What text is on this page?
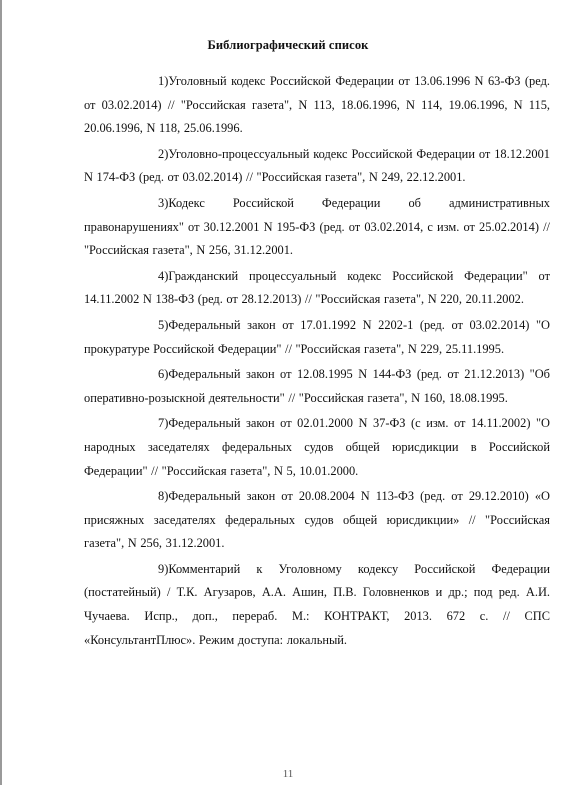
Библиографический список

1)Уголовный кодекс Российской Федерации от 13.06.1996 N 63-ФЗ (ред. от 03.02.2014) // "Российская газета", N 113, 18.06.1996, N 114, 19.06.1996, N 115, 20.06.1996, N 118, 25.06.1996.

2)Уголовно-процессуальный кодекс Российской Федерации от 18.12.2001 N 174-ФЗ (ред. от 03.02.2014) // "Российская газета", N 249, 22.12.2001.

3)Кодекс Российской Федерации об административных правонарушениях" от 30.12.2001 N 195-ФЗ (ред. от 03.02.2014, с изм. от 25.02.2014) // "Российская газета", N 256, 31.12.2001.

4)Гражданский процессуальный кодекс Российской Федерации" от 14.11.2002 N 138-ФЗ (ред. от 28.12.2013) // "Российская газета", N 220, 20.11.2002.

5)Федеральный закон от 17.01.1992 N 2202-1 (ред. от 03.02.2014) "О прокуратуре Российской Федерации" // "Российская газета", N 229, 25.11.1995.

6)Федеральный закон от 12.08.1995 N 144-ФЗ (ред. от 21.12.2013) "Об оперативно-розыскной деятельности" // "Российская газета", N 160, 18.08.1995.

7)Федеральный закон от 02.01.2000 N 37-ФЗ (с изм. от 14.11.2002) "О народных заседателях федеральных судов общей юрисдикции в Российской Федерации" // "Российская газета", N 5, 10.01.2000.

8)Федеральный закон от 20.08.2004 N 113-ФЗ (ред. от 29.12.2010) «О присяжных заседателях федеральных судов общей юрисдикции» // "Российская газета", N 256, 31.12.2001.

9)Комментарий к Уголовному кодексу Российской Федерации (постатейный) / Т.К. Агузаров, А.А. Ашин, П.В. Головненков и др.; под ред. А.И. Чучаева. Испр., доп., перераб. М.: КОНТРАКТ, 2013. 672 с. // СПС «КонсультантПлюс». Режим доступа: локальный.

11
